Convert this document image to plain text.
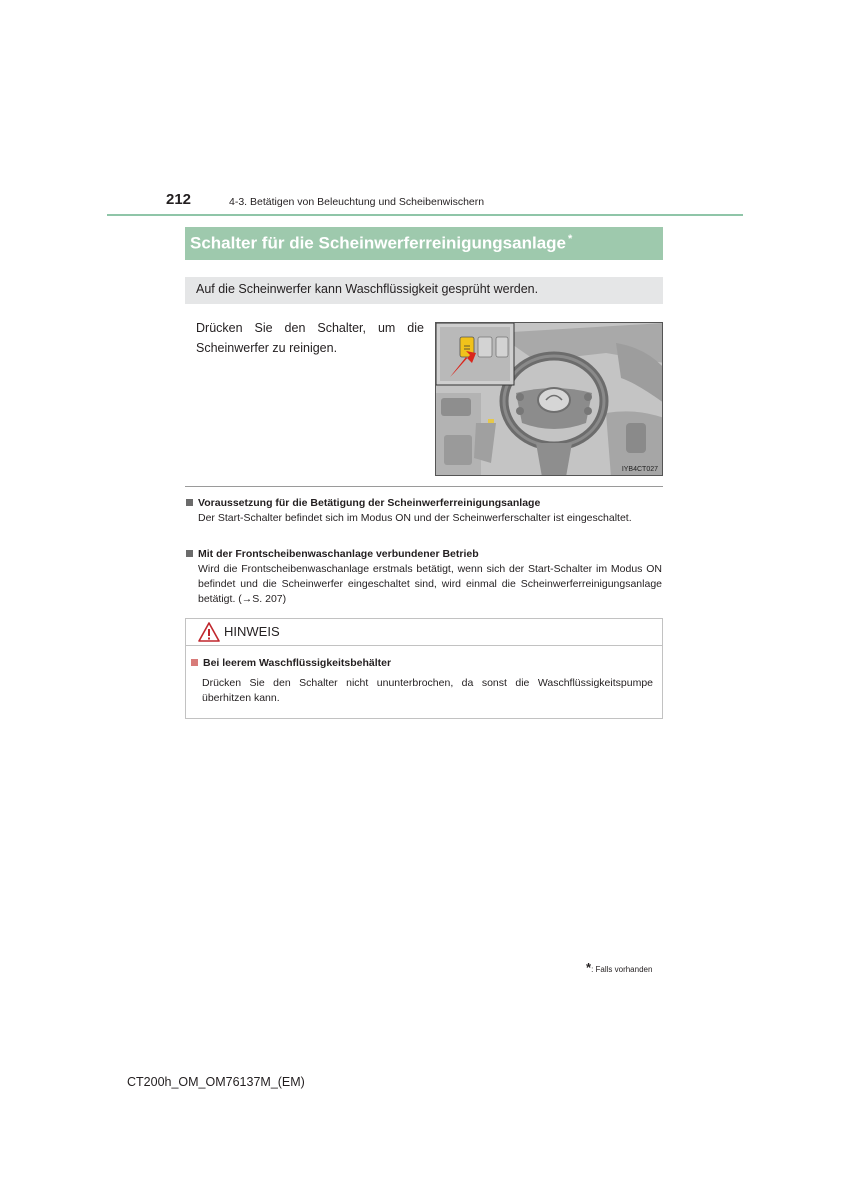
212	4-3. Betätigen von Beleuchtung und Scheibenwischern
Schalter für die Scheinwerferreinigungsanlage *
Auf die Scheinwerfer kann Waschflüssigkeit gesprüht werden.
Drücken Sie den Schalter, um die Scheinwerfer zu reinigen.
IYB4CT027
Voraussetzung für die Betätigung der Scheinwerferreinigungsanlage
Der Start-Schalter befindet sich im Modus ON und der Scheinwerferschalter ist eingeschaltet.
Mit der Frontscheibenwaschanlage verbundener Betrieb
Wird die Frontscheibenwaschanlage erstmals betätigt, wenn sich der Start-Schalter im Modus ON befindet und die Scheinwerfer eingeschaltet sind, wird einmal die Scheinwerferreinigungsanlage betätigt. (→S. 207)
HINWEIS
Bei leerem Waschflüssigkeitsbehälter
Drücken Sie den Schalter nicht ununterbrochen, da sonst die Waschflüssigkeitspumpe überhitzen kann.
*: Falls vorhanden
CT200h_OM_OM76137M_(EM)
